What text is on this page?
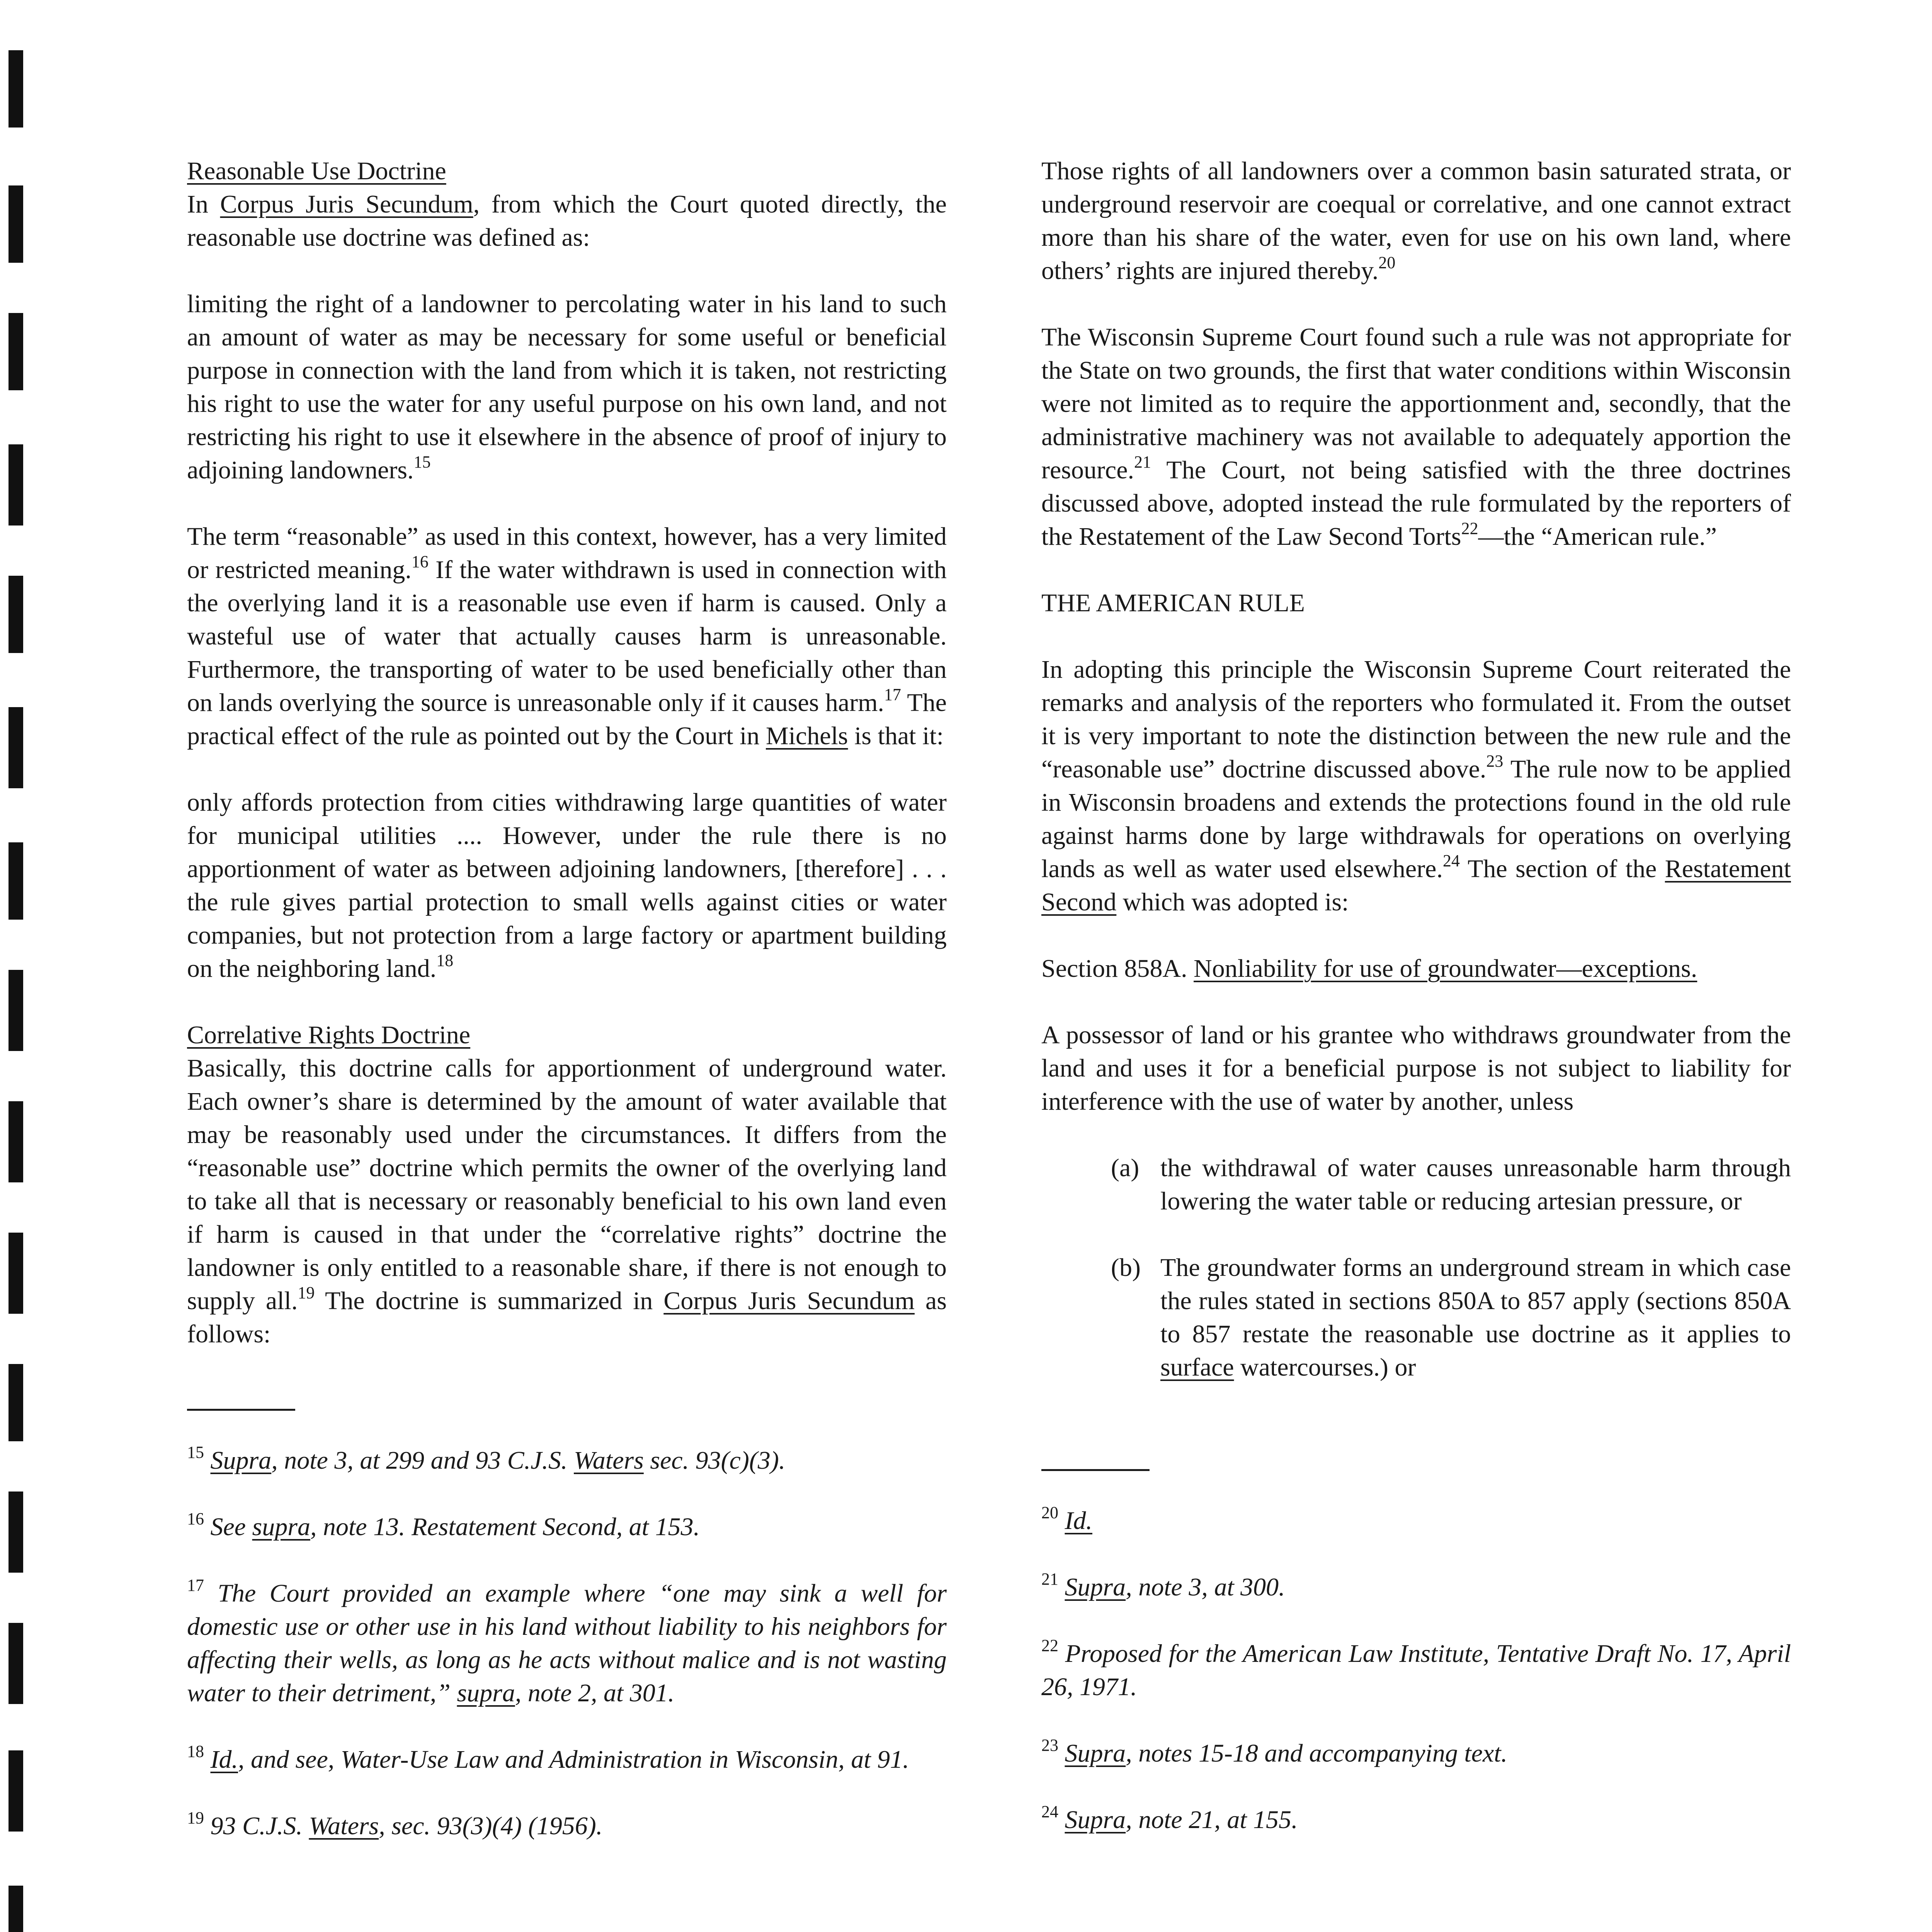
Reasonable Use Doctrine

In Corpus Juris Secundum, from which the Court quoted directly, the reasonable use doctrine was defined as:

limiting the right of a landowner to percolating water in his land to such an amount of water as may be necessary for some useful or beneficial purpose in connection with the land from which it is taken, not restricting his right to use the water for any useful purpose on his own land, and not restricting his right to use it elsewhere in the absence of proof of injury to adjoining landowners.$^{15}$

The term “reasonable” as used in this context, however, has a very limited or restricted meaning.$^{16}$ If the water withdrawn is used in connection with the overlying land it is a reasonable use even if harm is caused. Only a wasteful use of water that actually causes harm is unreasonable. Furthermore, the transporting of water to be used beneficially other than on lands overlying the source is unreasonable only if it causes harm.$^{17}$ The practical effect of the rule as pointed out by the Court in Michels is that it:

only affords protection from cities withdrawing large quantities of water for municipal utilities .... However, under the rule there is no apportionment of water as between adjoining landowners, [therefore] . . . the rule gives partial protection to small wells against cities or water companies, but not protection from a large factory or apartment building on the neighboring land.$^{18}$

Correlative Rights Doctrine

Basically, this doctrine calls for apportionment of underground water. Each owner’s share is determined by the amount of water available that may be reasonably used under the circumstances. It differs from the “reasonable use” doctrine which permits the owner of the overlying land to take all that is necessary or reasonably beneficial to his own land even if harm is caused in that under the “correlative rights” doctrine the landowner is only entitled to a reasonable share, if there is not enough to supply all.$^{19}$ The doctrine is summarized in Corpus Juris Secundum as follows:

$^{15}$ Supra, note 3, at 299 and 93 C.J.S. Waters sec. 93(c)(3).

$^{16}$ See supra, note 13. Restatement Second, at 153.

$^{17}$ The Court provided an example where “one may sink a well for domestic use or other use in his land without liability to his neighbors for affecting their wells, as long as he acts without malice and is not wasting water to their detriment,” supra, note 2, at 301.

$^{18}$ Id., and see, Water-Use Law and Administration in Wisconsin, at 91.

$^{19}$ 93 C.J.S. Waters, sec. 93(3)(4) (1956).

Those rights of all landowners over a common basin saturated strata, or underground reservoir are coequal or correlative, and one cannot extract more than his share of the water, even for use on his own land, where others’ rights are injured thereby.$^{20}$

The Wisconsin Supreme Court found such a rule was not appropriate for the State on two grounds, the first that water conditions within Wisconsin were not limited as to require the apportionment and, secondly, that the administrative machinery was not available to adequately apportion the resource.$^{21}$ The Court, not being satisfied with the three doctrines discussed above, adopted instead the rule formulated by the reporters of the Restatement of the Law Second Torts$^{22}$—the “American rule.”

THE AMERICAN RULE

In adopting this principle the Wisconsin Supreme Court reiterated the remarks and analysis of the reporters who formulated it. From the outset it is very important to note the distinction between the new rule and the “reasonable use” doctrine discussed above.$^{23}$ The rule now to be applied in Wisconsin broadens and extends the protections found in the old rule against harms done by large withdrawals for operations on overlying lands as well as water used elsewhere.$^{24}$ The section of the Restatement Second which was adopted is:

Section 858A. Nonliability for use of groundwater—exceptions.

A possessor of land or his grantee who withdraws groundwater from the land and uses it for a beneficial purpose is not subject to liability for interference with the use of water by another, unless

(a) the withdrawal of water causes unreasonable harm through lowering the water table or reducing artesian pressure, or
(b) The groundwater forms an underground stream in which case the rules stated in sections 850A to 857 apply (sections 850A to 857 restate the reasonable use doctrine as it applies to surface watercourses.) or

$^{20}$ Id.

$^{21}$ Supra, note 3, at 300.

$^{22}$ Proposed for the American Law Institute, Tentative Draft No. 17, April 26, 1971.

$^{23}$ Supra, notes 15-18 and accompanying text.

$^{24}$ Supra, note 21, at 155.
